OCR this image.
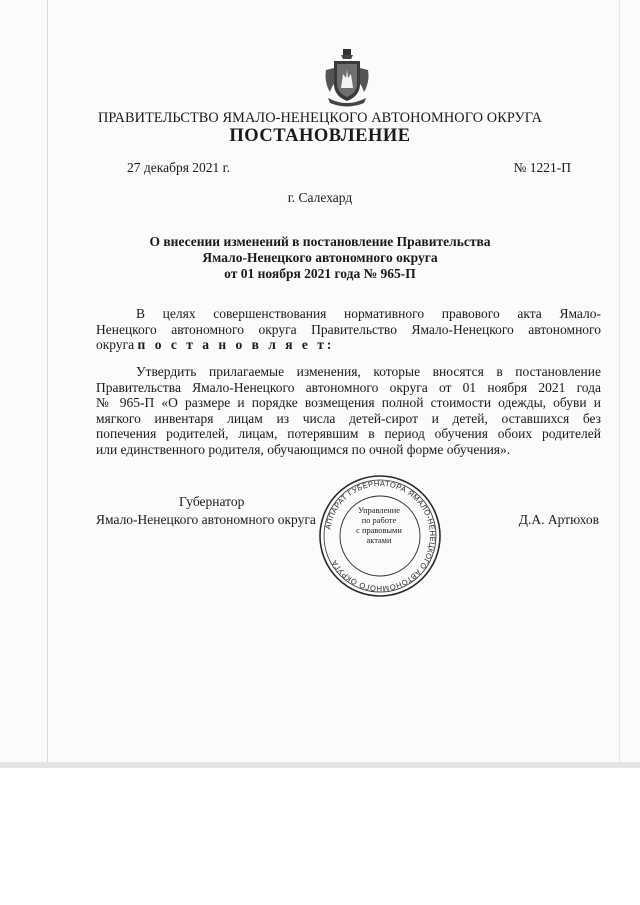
ПРАВИТЕЛЬСТВО ЯМАЛО-НЕНЕЦКОГО АВТОНОМНОГО ОКРУГА
ПОСТАНОВЛЕНИЕ
27 декабря 2021 г.	№ 1221-П
г. Салехард
О внесении изменений в постановление Правительства
Ямало-Ненецкого автономного округа
от 01 ноября 2021 года № 965-П
В целях совершенствования нормативного правового акта Ямало-
Ненецкого автономного округа Правительство Ямало-Ненецкого автономного
округа п о с т а н о в л я е т:
Утвердить прилагаемые изменения, которые вносятся в постановление
Правительства Ямало-Ненецкого автономного округа от 01 ноября 2021 года
№ 965-П «О размере и порядке возмещения полной стоимости одежды, обуви и
мягкого инвентаря лицам из числа детей-сирот и детей, оставшихся без
попечения родителей, лицам, потерявшим в период обучения обоих родителей
или единственного родителя, обучающимся по очной форме обучения».
Губернатор
Ямало-Ненецкого автономного округа	Д.А. Артюхов
АППАРАТ ГУБЕРНАТОРА ЯМАЛО-НЕНЕЦКОГО АВТОНОМНОГО ОКРУГА
Управление
по работе
с правовыми
актами
